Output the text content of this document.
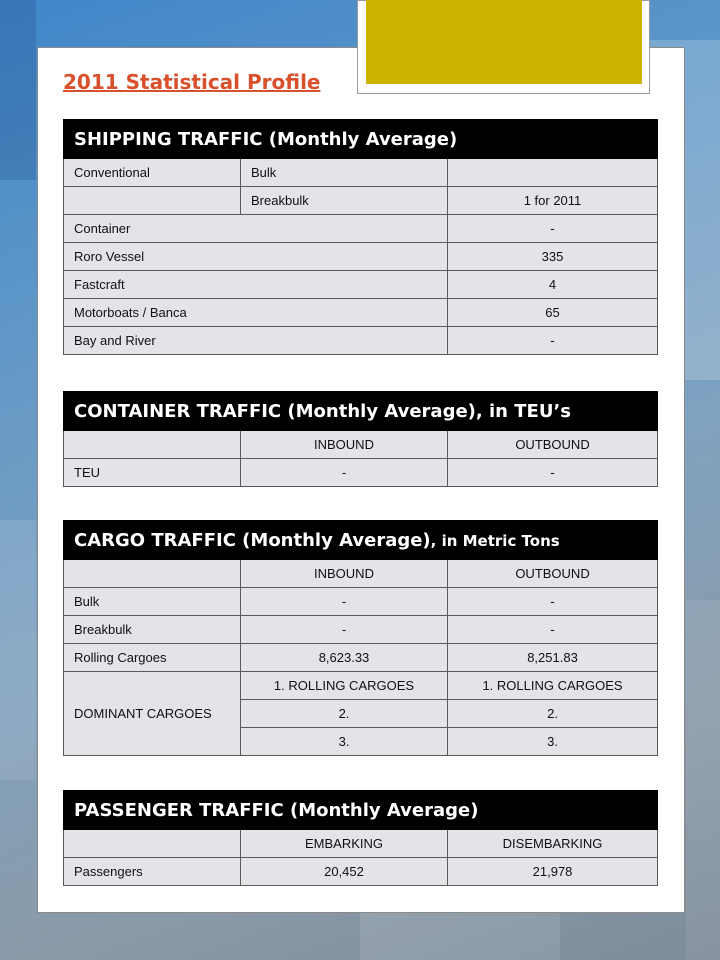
2011 Statistical Profile
SHIPPING TRAFFIC (Monthly Average)		
Conventional	Bulk	
	Breakbulk	1 for 2011
Container		-
Roro Vessel		335
Fastcraft		4
Motorboats / Banca		65
Bay and River		-
CONTAINER TRAFFIC (Monthly Average), in TEU’s		
	INBOUND	OUTBOUND
TEU	-	-
CARGO TRAFFIC (Monthly Average), in Metric Tons		
	INBOUND	OUTBOUND
Bulk	-	-
Breakbulk	-	-
Rolling Cargoes	8,623.33	8,251.83
DOMINANT CARGOES	1. ROLLING CARGOES	1. ROLLING CARGOES
	2.	2.
	3.	3.
PASSENGER TRAFFIC (Monthly Average)		
	EMBARKING	DISEMBARKING
Passengers	20,452	21,978
